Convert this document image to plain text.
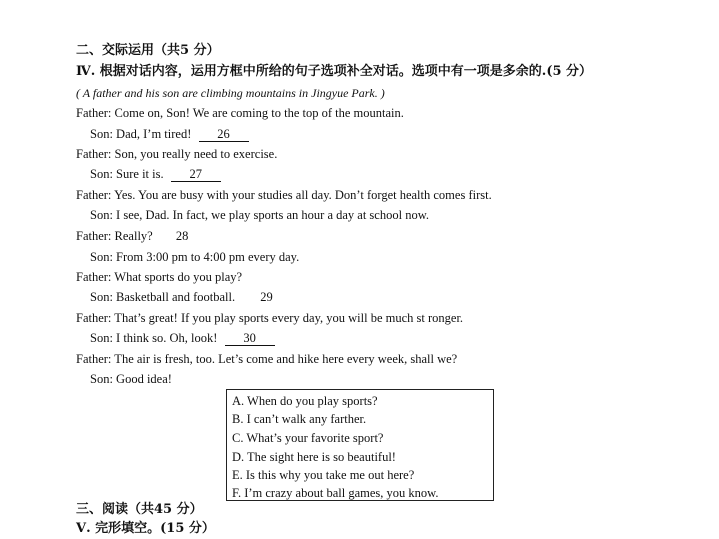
二、交际运用（共5 分）
Ⅳ. 根据对话内容，运用方框中所给的句子选项补全对话。选项中有一项是多余的.(5 分）
( A father and his son are climbing mountains in Jingyue Park. )
Father: Come on, Son! We are coming to the top of the mountain.
Son: Dad, I’m tired! 26
Father: Son, you really need to exercise.
Son: Sure it is. 27
Father: Yes. You are busy with your studies all day. Don’t forget health comes first.
Son: I see, Dad. In fact, we play sports an hour a day at school now.
Father: Really? 28
Son: From 3:00 pm to 4:00 pm every day.
Father: What sports do you play?
Son: Basketball and football. 29
Father: That’s great! If you play sports every day, you will be much st ronger.
Son: I think so. Oh, look! 30
Father: The air is fresh, too. Let’s come and hike here every week, shall we?
Son: Good idea!
A. When do you play sports?
B. I can’t walk any farther.
C. What’s your favorite sport?
D. The sight here is so beautiful!
E. Is this why you take me out here?
F. I’m crazy about ball games, you know.
三、阅读（共45 分）
Ⅴ. 完形填空。(15 分）
